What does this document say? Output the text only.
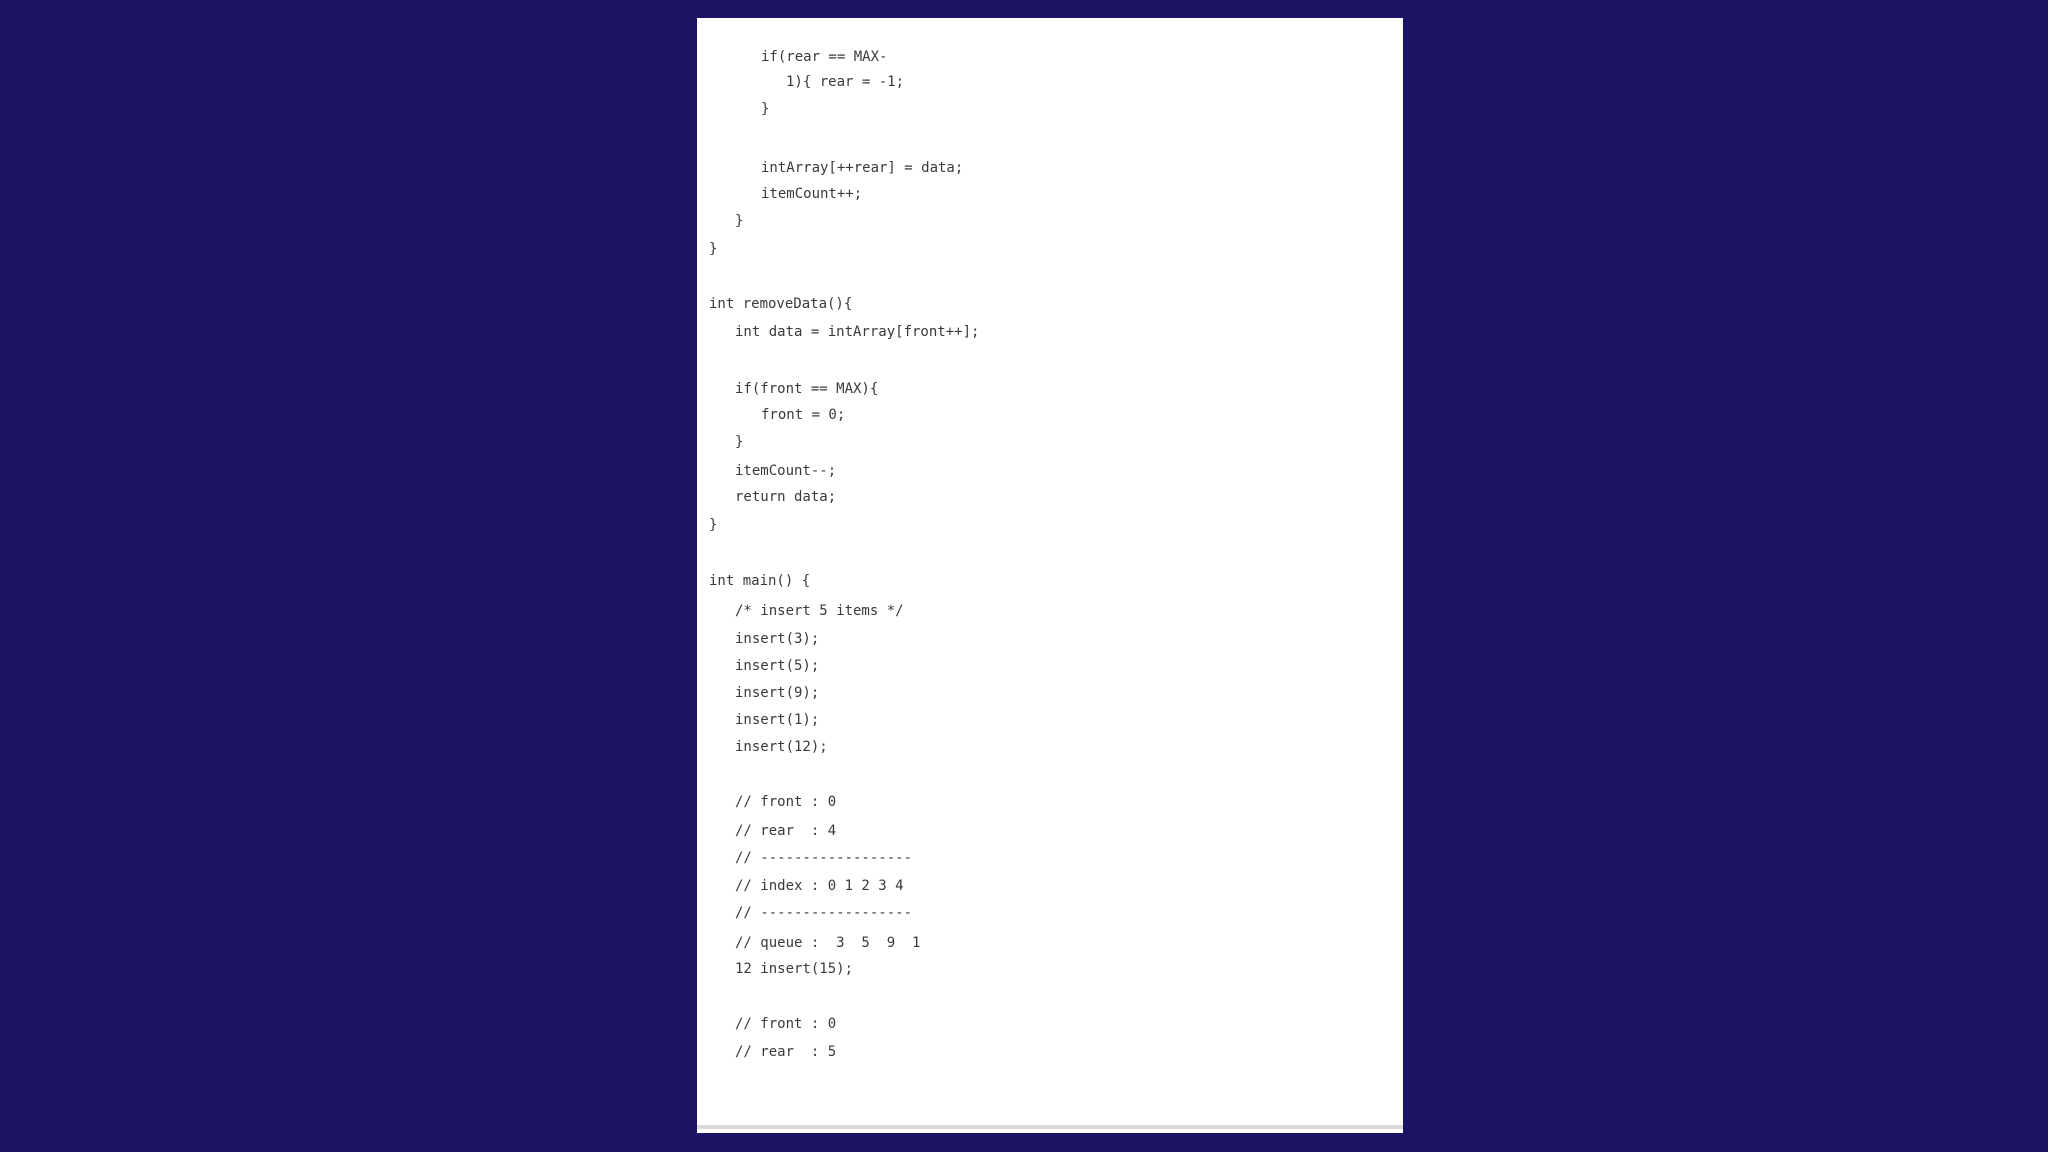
if(rear == MAX-
1){ rear = -1;
}
intArray[++rear] = data;
itemCount++;
}
}
int removeData(){
int data = intArray[front++];
if(front == MAX){
front = 0;
}
itemCount--;
return data;
}
int main() {
/* insert 5 items */
insert(3);
insert(5);
insert(9);
insert(1);
insert(12);
// front : 0
// rear  : 4
// ------------------
// index : 0 1 2 3 4
// ------------------
// queue :  3  5  9  1
12 insert(15);
// front : 0
// rear  : 5
